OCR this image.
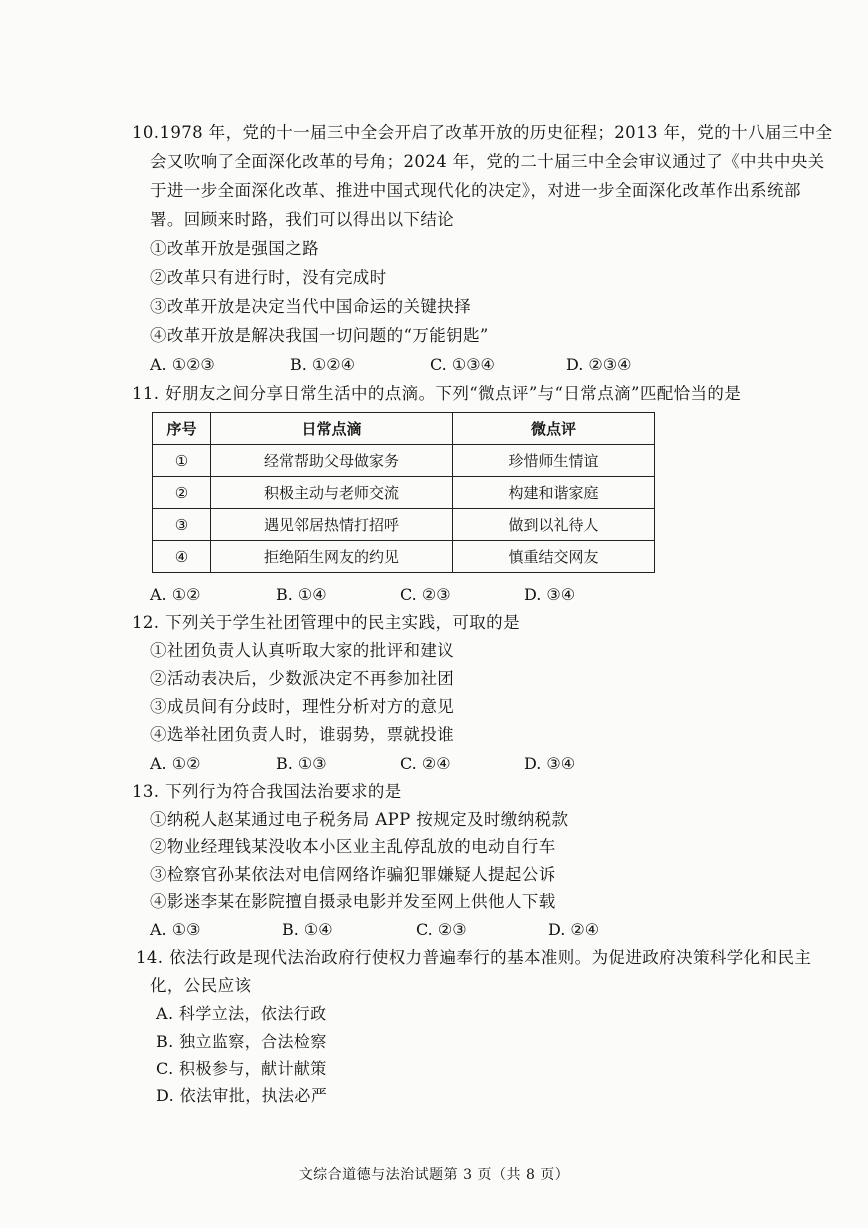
10.1978 年，党的十一届三中全会开启了改革开放的历史征程；2013 年，党的十八届三中全
会又吹响了全面深化改革的号角；2024 年，党的二十届三中全会审议通过了《中共中央关
于进一步全面深化改革、推进中国式现代化的决定》，对进一步全面深化改革作出系统部
署。回顾来时路，我们可以得出以下结论
①改革开放是强国之路
②改革只有进行时，没有完成时
③改革开放是决定当代中国命运的关键抉择
④改革开放是解决我国一切问题的“万能钥匙”
A. ①②③	B. ①②④	C. ①③④	D. ②③④
11. 好朋友之间分享日常生活中的点滴。下列“微点评”与“日常点滴”匹配恰当的是
序号	日常点滴	微点评
①	经常帮助父母做家务	珍惜师生情谊
②	积极主动与老师交流	构建和谐家庭
③	遇见邻居热情打招呼	做到以礼待人
④	拒绝陌生网友的约见	慎重结交网友
A. ①②	B. ①④	C. ②③	D. ③④
12. 下列关于学生社团管理中的民主实践，可取的是
①社团负责人认真听取大家的批评和建议
②活动表决后，少数派决定不再参加社团
③成员间有分歧时，理性分析对方的意见
④选举社团负责人时，谁弱势，票就投谁
A. ①②	B. ①③	C. ②④	D. ③④
13. 下列行为符合我国法治要求的是
①纳税人赵某通过电子税务局 APP 按规定及时缴纳税款
②物业经理钱某没收本小区业主乱停乱放的电动自行车
③检察官孙某依法对电信网络诈骗犯罪嫌疑人提起公诉
④影迷李某在影院擅自摄录电影并发至网上供他人下载
A. ①③	B. ①④	C. ②③	D. ②④
14. 依法行政是现代法治政府行使权力普遍奉行的基本准则。为促进政府决策科学化和民主
化，公民应该
A. 科学立法，依法行政
B. 独立监察，合法检察
C. 积极参与，献计献策
D. 依法审批，执法必严
文综合道德与法治试题第 3 页（共 8 页）
